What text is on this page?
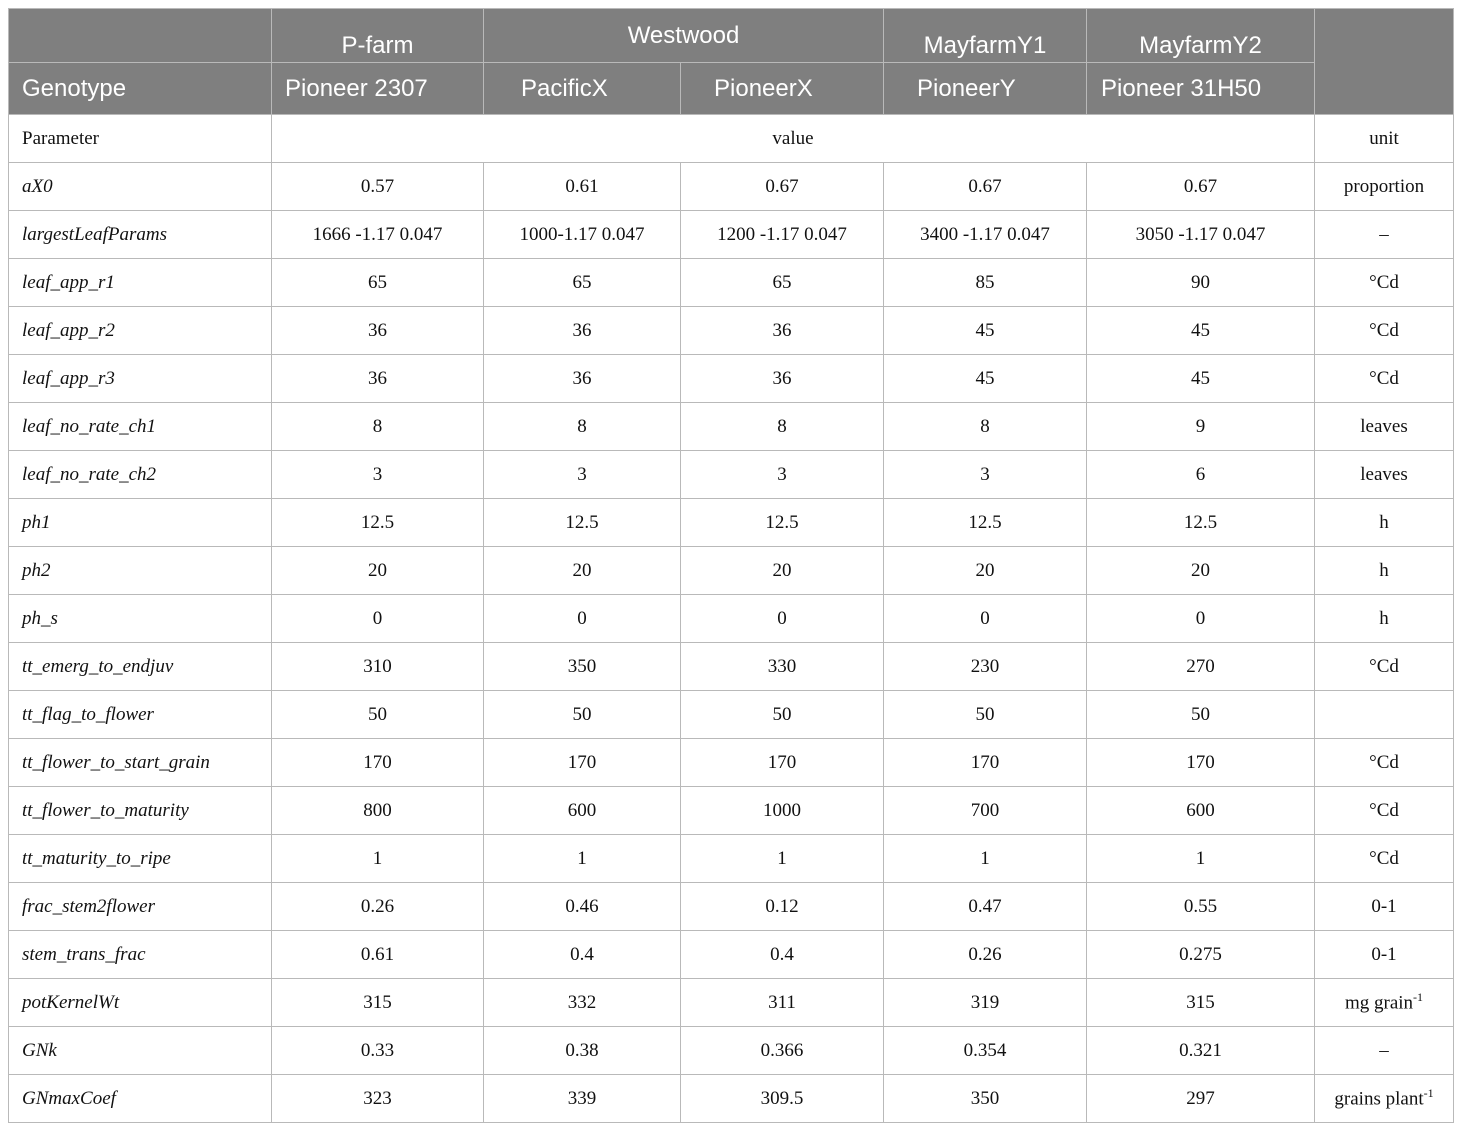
	P-farm	Westwood		MayfarmY1	MayfarmY2	
Genotype	Pioneer 2307	PacificX	PioneerX	PioneerY	Pioneer 31H50	
Parameter	value					unit
aX0	0.57	0.61	0.67	0.67	0.67	proportion
largestLeafParams	1666 -1.17 0.047	1000-1.17 0.047	1200 -1.17 0.047	3400 -1.17 0.047	3050 -1.17 0.047	–
leaf_app_r1	65	65	65	85	90	°Cd
leaf_app_r2	36	36	36	45	45	°Cd
leaf_app_r3	36	36	36	45	45	°Cd
leaf_no_rate_ch1	8	8	8	8	9	leaves
leaf_no_rate_ch2	3	3	3	3	6	leaves
ph1	12.5	12.5	12.5	12.5	12.5	h
ph2	20	20	20	20	20	h
ph_s	0	0	0	0	0	h
tt_emerg_to_endjuv	310	350	330	230	270	°Cd
tt_flag_to_flower	50	50	50	50	50	
tt_flower_to_start_grain	170	170	170	170	170	°Cd
tt_flower_to_maturity	800	600	1000	700	600	°Cd
tt_maturity_to_ripe	1	1	1	1	1	°Cd
frac_stem2flower	0.26	0.46	0.12	0.47	0.55	0-1
stem_trans_frac	0.61	0.4	0.4	0.26	0.275	0-1
potKernelWt	315	332	311	319	315	mg grain$^{-1}$
GNk	0.33	0.38	0.366	0.354	0.321	–
GNmaxCoef	323	339	309.5	350	297	grains plant$^{-1}$
